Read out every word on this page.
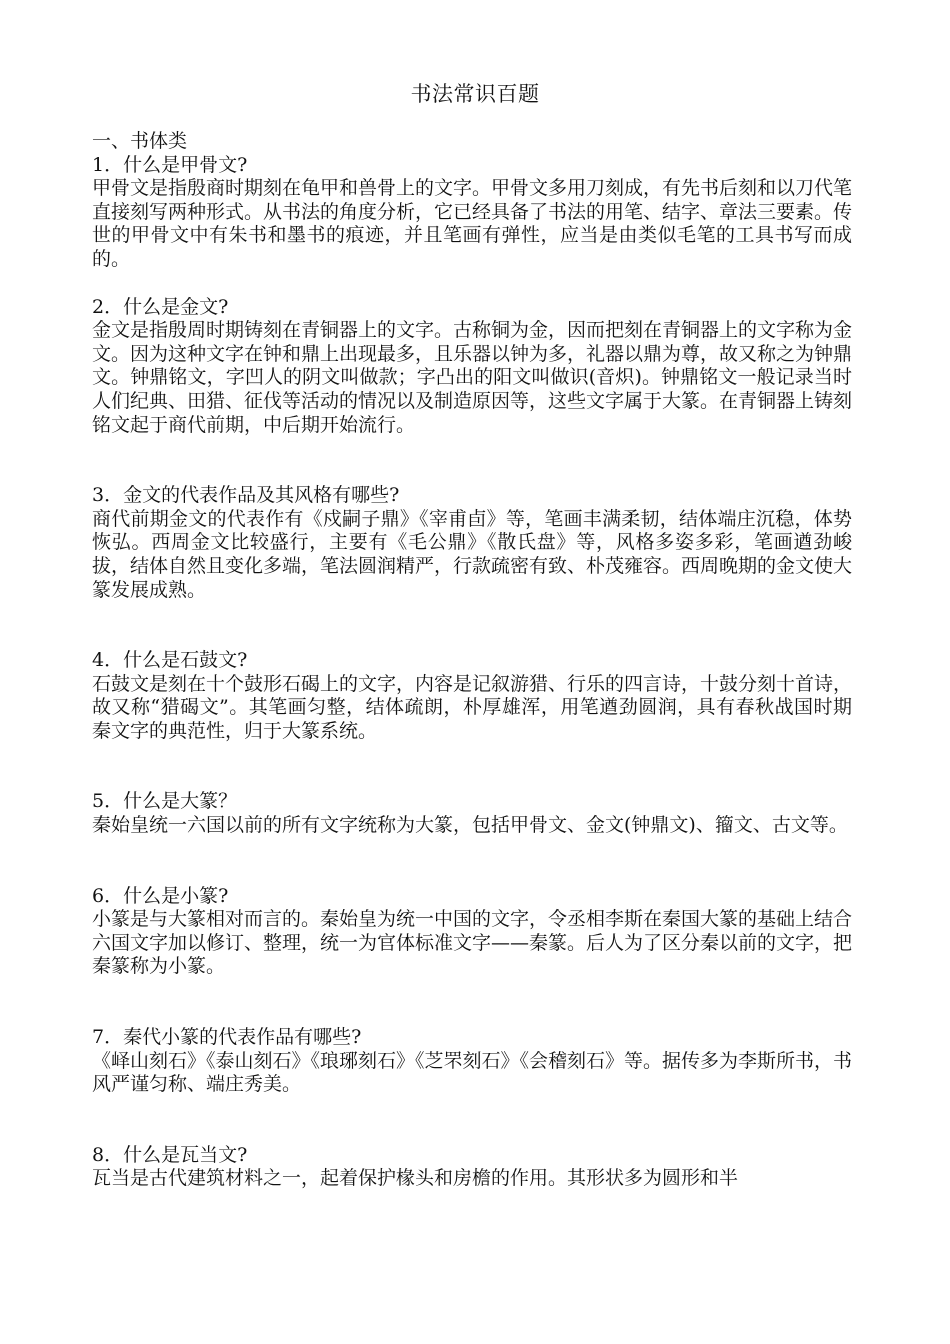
书法常识百题

一、书体类

1．什么是甲骨文?

甲骨文是指殷商时期刻在龟甲和兽骨上的文字。甲骨文多用刀刻成，有先书后刻和以刀代笔直接刻写两种形式。从书法的角度分析，它已经具备了书法的用笔、结字、章法三要素。传世的甲骨文中有朱书和墨书的痕迹，并且笔画有弹性，应当是由类似毛笔的工具书写而成的。

2．什么是金文?

金文是指殷周时期铸刻在青铜器上的文字。古称铜为金，因而把刻在青铜器上的文字称为金文。因为这种文字在钟和鼎上出现最多，且乐器以钟为多，礼器以鼎为尊，故又称之为钟鼎文。钟鼎铭文，字凹人的阴文叫做款；字凸出的阳文叫做识(音炽)。钟鼎铭文一般记录当时人们纪典、田猎、征伐等活动的情况以及制造原因等，这些文字属于大篆。在青铜器上铸刻铭文起于商代前期，中后期开始流行。

3．金文的代表作品及其风格有哪些?

商代前期金文的代表作有《戍嗣子鼎》《宰甫卣》等，笔画丰满柔韧，结体端庄沉稳，体势恢弘。西周金文比较盛行，主要有《毛公鼎》《散氏盘》等，风格多姿多彩，笔画遒劲峻拔，结体自然且变化多端，笔法圆润精严，行款疏密有致、朴茂雍容。西周晚期的金文使大篆发展成熟。

4．什么是石鼓文?

石鼓文是刻在十个鼓形石碣上的文字，内容是记叙游猎、行乐的四言诗，十鼓分刻十首诗，故又称“猎碣文”。其笔画匀整，结体疏朗，朴厚雄浑，用笔遒劲圆润，具有春秋战国时期秦文字的典范性，归于大篆系统。

5．什么是大篆？

秦始皇统一六国以前的所有文字统称为大篆，包括甲骨文、金文(钟鼎文)、籀文、古文等。

6．什么是小篆?

小篆是与大篆相对而言的。秦始皇为统一中国的文字，令丞相李斯在秦国大篆的基础上结合六国文字加以修订、整理，统一为官体标准文字——秦篆。后人为了区分秦以前的文字，把秦篆称为小篆。

7．秦代小篆的代表作品有哪些?

《峄山刻石》《泰山刻石》《琅琊刻石》《芝罘刻石》《会稽刻石》等。据传多为李斯所书，书风严谨匀称、端庄秀美。

8．什么是瓦当文?

瓦当是古代建筑材料之一，起着保护椽头和房檐的作用。其形状多为圆形和半
